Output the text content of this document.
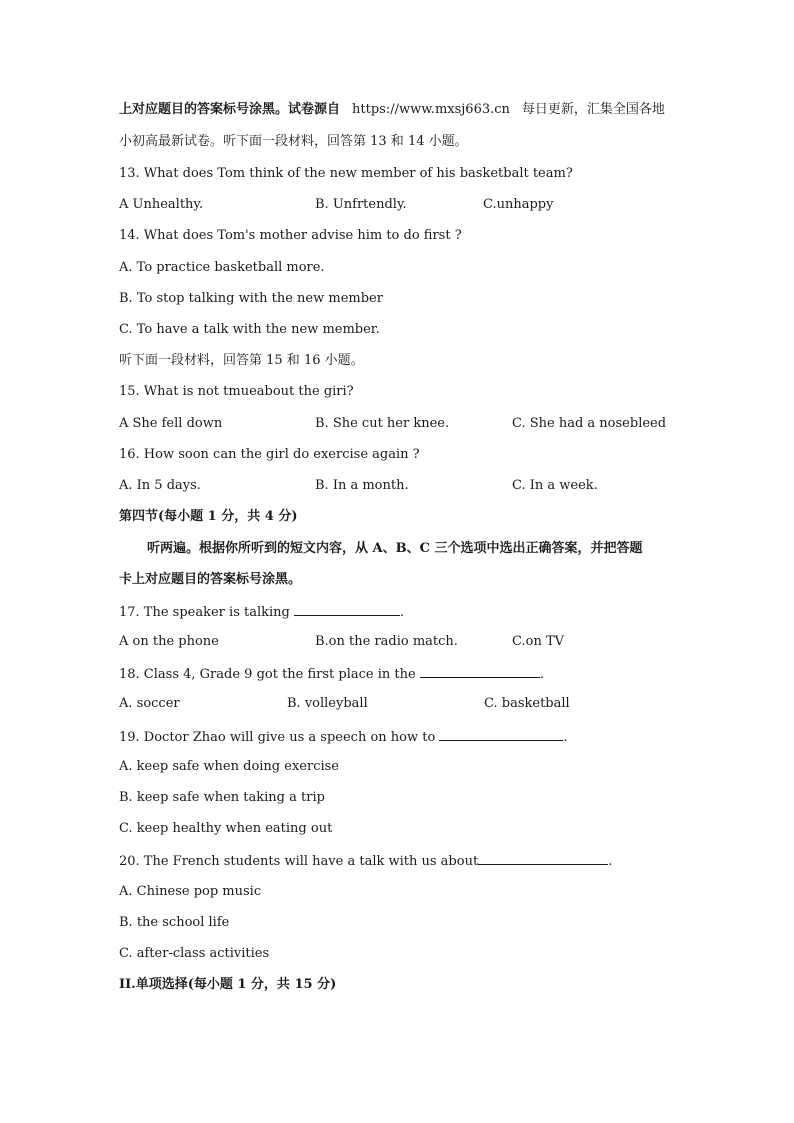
上对应题目的答案标号涂黑。试卷源自 https://www.mxsj663.cn 每日更新，汇集全国各地
小初高最新试卷。听下面一段材料，回答第 13 和 14 小题。
13. What does Tom think of the new member of his basketbalt team?
A Unhealthy.	B. Unfrtendly.	C.unhappy
14. What does Tom's mother advise him to do first ?
A. To practice basketball more.
B. To stop talking with the new member
C. To have a talk with the new member.
听下面一段材料，回答第 15 和 16 小题。
15. What is not tmueabout the giri?
A She fell down	B. She cut her knee.	C. She had a nosebleed
16. How soon can the girl do exercise again ?
A. In 5 days.	B. In a month.	C. In a week.
第四节(每小题 1 分，共 4 分)
听两遍。根据你所听到的短文内容，从 A、B、C 三个选项中选出正确答案，并把答题
卡上对应题目的答案标号涂黑。
17. The speaker is talking	.
A on the phone	B.on the radio match.	C.on TV
18. Class 4, Grade 9 got the first place in the	.
A. soccer	B. volleyball	C. basketball
19. Doctor Zhao will give us a speech on how to	.
A. keep safe when doing exercise
B. keep safe when taking a trip
C. keep healthy when eating out
20. The French students will have a talk with us about	.
A. Chinese pop music
B. the school life
C. after-class activities
II.单项选择(每小题 1 分，共 15 分)
